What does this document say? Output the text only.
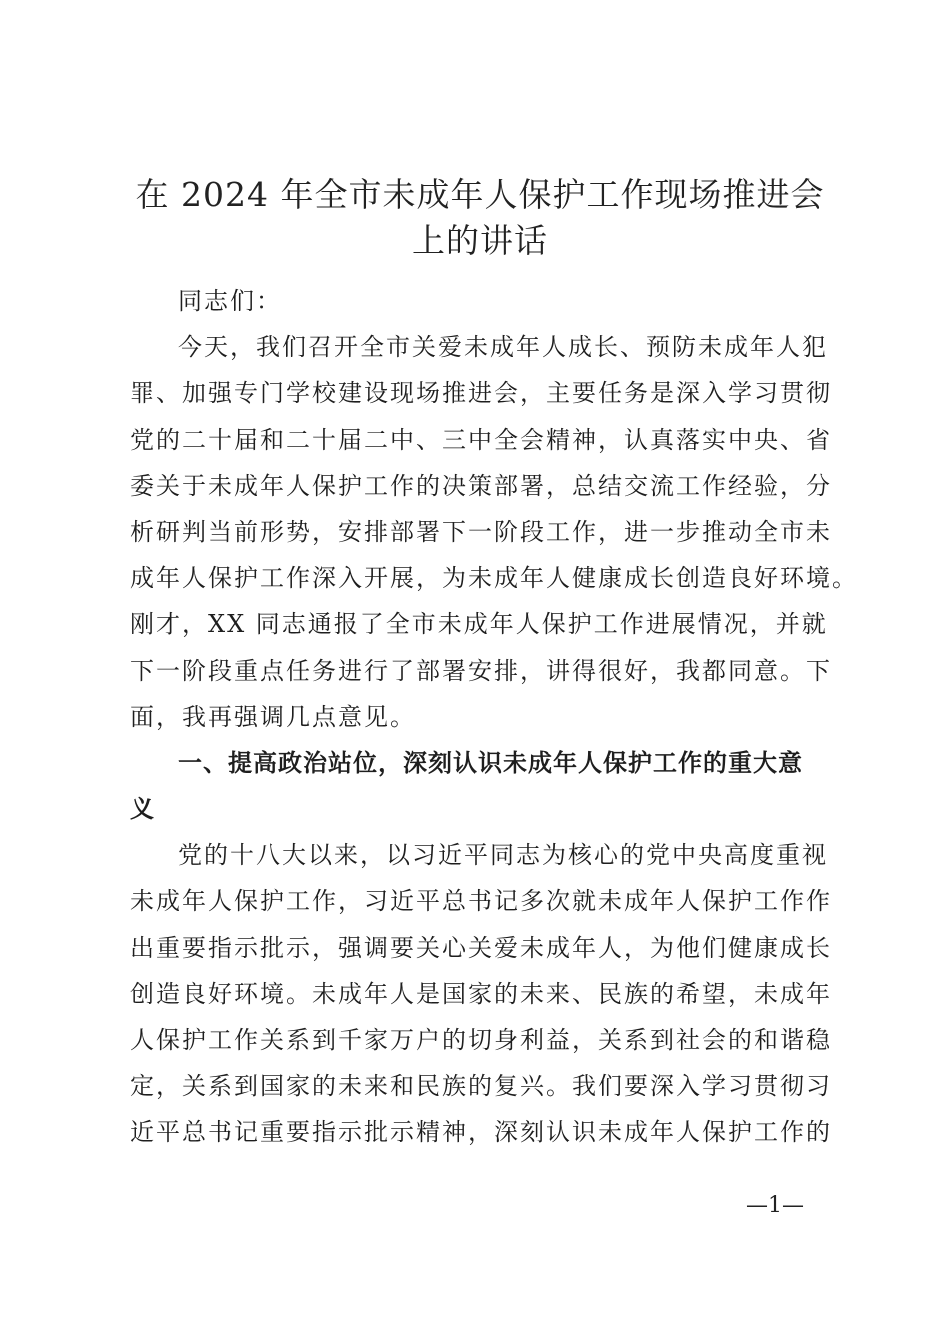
在 2024 年全市未成年人保护工作现场推进会
上的讲话
同志们：
今天，我们召开全市关爱未成年人成长、预防未成年人犯
罪、加强专门学校建设现场推进会，主要任务是深入学习贯彻
党的二十届和二十届二中、三中全会精神，认真落实中央、省
委关于未成年人保护工作的决策部署，总结交流工作经验，分
析研判当前形势，安排部署下一阶段工作，进一步推动全市未
成年人保护工作深入开展，为未成年人健康成长创造良好环境。
刚才，XX 同志通报了全市未成年人保护工作进展情况，并就
下一阶段重点任务进行了部署安排，讲得很好，我都同意。下
面，我再强调几点意见。
一、提高政治站位，深刻认识未成年人保护工作的重大意
义
党的十八大以来，以习近平同志为核心的党中央高度重视
未成年人保护工作，习近平总书记多次就未成年人保护工作作
出重要指示批示，强调要关心关爱未成年人，为他们健康成长
创造良好环境。未成年人是国家的未来、民族的希望，未成年
人保护工作关系到千家万户的切身利益，关系到社会的和谐稳
定，关系到国家的未来和民族的复兴。我们要深入学习贯彻习
近平总书记重要指示批示精神，深刻认识未成年人保护工作的
—1—
